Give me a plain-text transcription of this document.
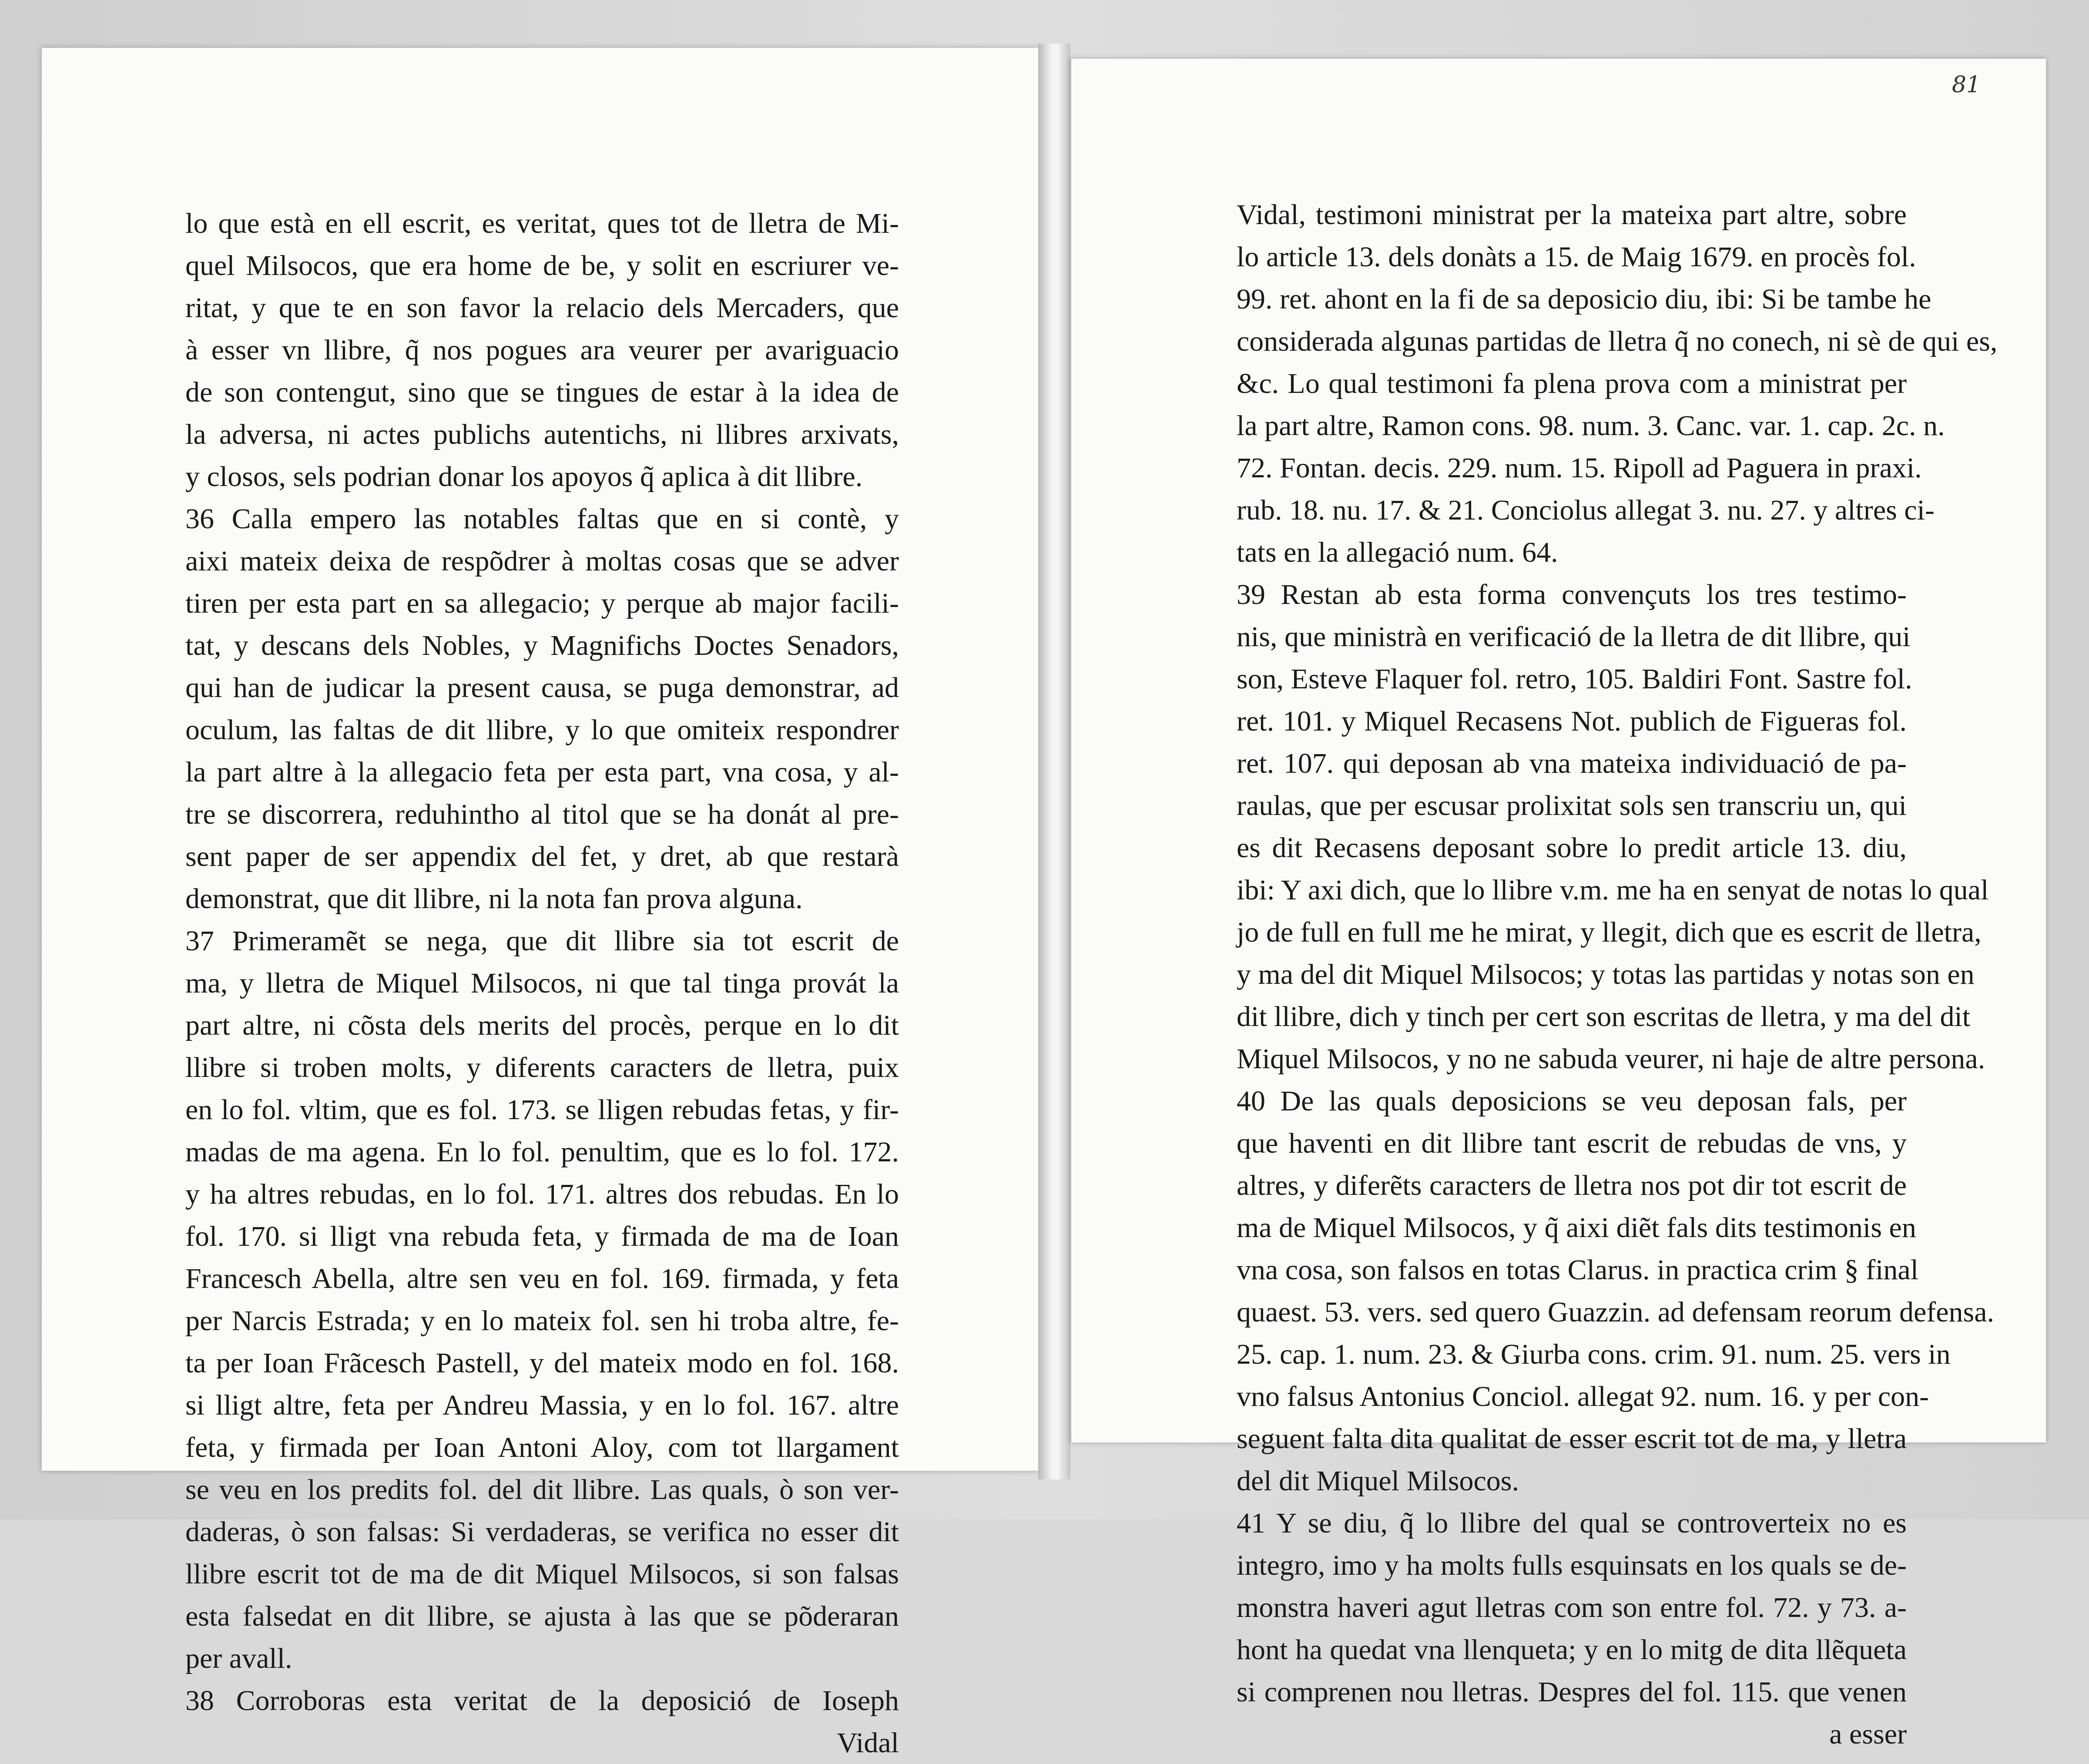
lo que està en ell escrit, es veritat, ques tot de lletra de Mi-
quel Milsocos, que era home de be, y solit en escriurer ve-
ritat, y que te en son favor la relacio dels Mercaders, que
à esser vn llibre, q̃ nos pogues ara veurer per avariguacio
de son contengut, sino que se tingues de estar à la idea de
la adversa, ni actes publichs autentichs, ni llibres arxivats,
y closos, sels podrian donar los apoyos q̃ aplica à dit llibre.
36 Calla empero las notables faltas que en si contè, y
aixi mateix deixa de respõdrer à moltas cosas que se adver
tiren per esta part en sa allegacio; y perque ab major facili-
tat, y descans dels Nobles, y Magnifichs Doctes Senadors,
qui han de judicar la present causa, se puga demonstrar, ad
oculum, las faltas de dit llibre, y lo que omiteix respondrer
la part altre à la allegacio feta per esta part, vna cosa, y al-
tre se discorrera, reduhintho al titol que se ha donát al pre-
sent paper de ser appendix del fet, y dret, ab que restarà
demonstrat, que dit llibre, ni la nota fan prova alguna.
37 Primeramẽt se nega, que dit llibre sia tot escrit de
ma, y lletra de Miquel Milsocos, ni que tal tinga provát la
part altre, ni cõsta dels merits del procès, perque en lo dit
llibre si troben molts, y diferents caracters de lletra, puix
en lo fol. vltim, que es fol. 173. se lligen rebudas fetas, y fir-
madas de ma agena. En lo fol. penultim, que es lo fol. 172.
y ha altres rebudas, en lo fol. 171. altres dos rebudas. En lo
fol. 170. si lligt vna rebuda feta, y firmada de ma de Ioan
Francesch Abella, altre sen veu en fol. 169. firmada, y feta
per Narcis Estrada; y en lo mateix fol. sen hi troba altre, fe-
ta per Ioan Frãcesch Pastell, y del mateix modo en fol. 168.
si lligt altre, feta per Andreu Massia, y en lo fol. 167. altre
feta, y firmada per Ioan Antoni Aloy, com tot llargament
se veu en los predits fol. del dit llibre. Las quals, ò son ver-
daderas, ò son falsas: Si verdaderas, se verifica no esser dit
llibre escrit tot de ma de dit Miquel Milsocos, si son falsas
esta falsedat en dit llibre, se ajusta à las que se põderaran
per avall.
38 Corroboras esta veritat de la deposició de Ioseph
Vidal
81
Vidal, testimoni ministrat per la mateixa part altre, sobre
lo article 13. dels donàts a 15. de Maig 1679. en procès fol.
99. ret. ahont en la fi de sa deposicio diu, ibi: Si be tambe he
considerada algunas partidas de lletra q̃ no conech, ni sè de qui es,
&c. Lo qual testimoni fa plena prova com a ministrat per
la part altre, Ramon cons. 98. num. 3. Canc. var. 1. cap. 2c. n.
72. Fontan. decis. 229. num. 15. Ripoll ad Paguera in praxi.
rub. 18. nu. 17. & 21. Conciolus allegat 3. nu. 27. y altres ci-
tats en la allegació num. 64.
39 Restan ab esta forma convençuts los tres testimo-
nis, que ministrà en verificació de la lletra de dit llibre, qui
son, Esteve Flaquer fol. retro, 105. Baldiri Font. Sastre fol.
ret. 101. y Miquel Recasens Not. publich de Figueras fol.
ret. 107. qui deposan ab vna mateixa individuació de pa-
raulas, que per escusar prolixitat sols sen transcriu un, qui
es dit Recasens deposant sobre lo predit article 13. diu,
ibi: Y axi dich, que lo llibre v.m. me ha en senyat de notas lo qual
jo de full en full me he mirat, y llegit, dich que es escrit de lletra,
y ma del dit Miquel Milsocos; y totas las partidas y notas son en
dit llibre, dich y tinch per cert son escritas de lletra, y ma del dit
Miquel Milsocos, y no ne sabuda veurer, ni haje de altre persona.
40 De las quals deposicions se veu deposan fals, per
que haventi en dit llibre tant escrit de rebudas de vns, y
altres, y diferẽts caracters de lletra nos pot dir tot escrit de
ma de Miquel Milsocos, y q̃ aixi diẽt fals dits testimonis en
vna cosa, son falsos en totas Clarus. in practica crim § final
quaest. 53. vers. sed quero Guazzin. ad defensam reorum defensa.
25. cap. 1. num. 23. & Giurba cons. crim. 91. num. 25. vers in
vno falsus Antonius Conciol. allegat 92. num. 16. y per con-
seguent falta dita qualitat de esser escrit tot de ma, y lletra
del dit Miquel Milsocos.
41 Y se diu, q̃ lo llibre del qual se controverteix no es
integro, imo y ha molts fulls esquinsats en los quals se de-
monstra haveri agut lletras com son entre fol. 72. y 73. a-
hont ha quedat vna llenqueta; y en lo mitg de dita llẽqueta
si comprenen nou lletras. Despres del fol. 115. que venen
a esser
